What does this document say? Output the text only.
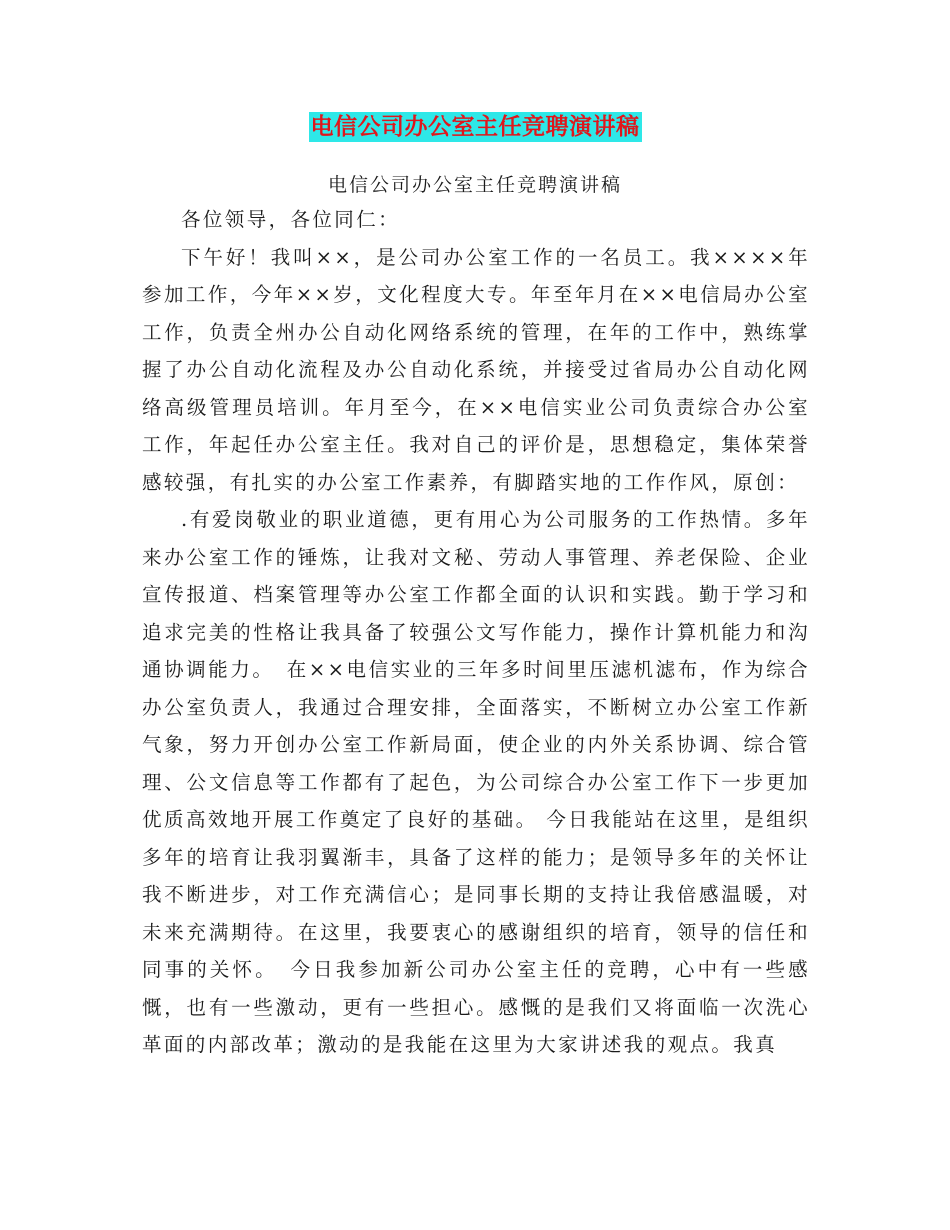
电信公司办公室主任竞聘演讲稿
电信公司办公室主任竞聘演讲稿

各位领导，各位同仁：

下午好！我叫××，是公司办公室工作的一名员工。我××××年参加工作，今年××岁，文化程度大专。年至年月在××电信局办公室工作，负责全州办公自动化网络系统的管理，在年的工作中，熟练掌握了办公自动化流程及办公自动化系统，并接受过省局办公自动化网络高级管理员培训。年月至今，在××电信实业公司负责综合办公室工作，年起任办公室主任。我对自己的评价是，思想稳定，集体荣誉感较强，有扎实的办公室工作素养，有脚踏实地的工作作风，原创：

.有爱岗敬业的职业道德，更有用心为公司服务的工作热情。多年来办公室工作的锤炼，让我对文秘、劳动人事管理、养老保险、企业宣传报道、档案管理等办公室工作都全面的认识和实践。勤于学习和追求完美的性格让我具备了较强公文写作能力，操作计算机能力和沟通协调能力。　在××电信实业的三年多时间里压滤机滤布，作为综合办公室负责人，我通过合理安排，全面落实，不断树立办公室工作新气象，努力开创办公室工作新局面，使企业的内外关系协调、综合管理、公文信息等工作都有了起色，为公司综合办公室工作下一步更加优质高效地开展工作奠定了良好的基础。 今日我能站在这里，是组织多年的培育让我羽翼渐丰，具备了这样的能力；是领导多年的关怀让我不断进步，对工作充满信心；是同事长期的支持让我倍感温暖，对未来充满期待。在这里，我要衷心的感谢组织的培育，领导的信任和同事的关怀。　今日我参加新公司办公室主任的竞聘，心中有一些感慨，也有一些激动，更有一些担心。感慨的是我们又将面临一次洗心革面的内部改革；激动的是我能在这里为大家讲述我的观点。我真
